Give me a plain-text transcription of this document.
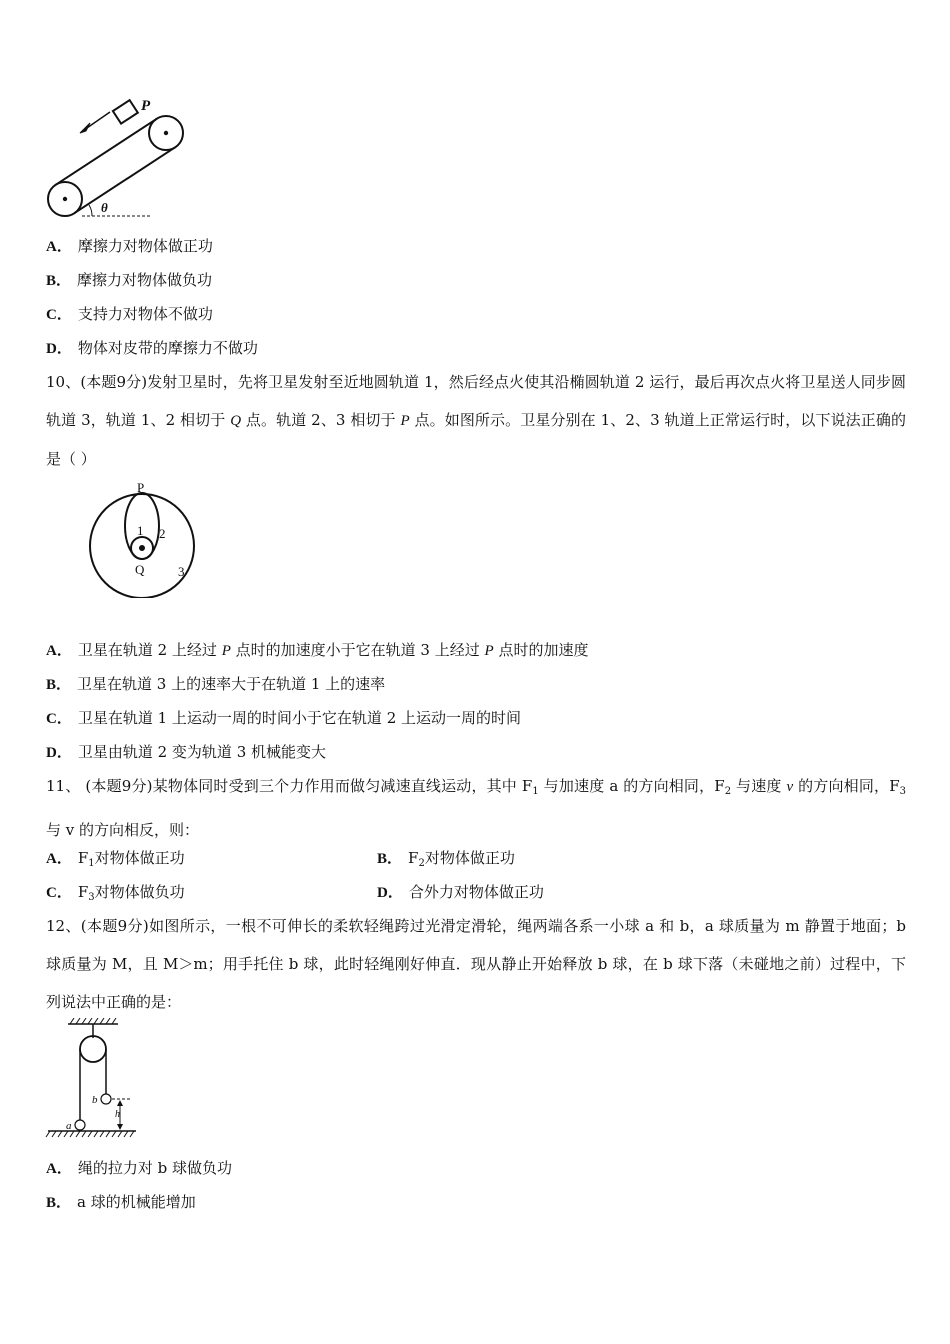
P
θ
A． 摩擦力对物体做正功
B． 摩擦力对物体做负功
C． 支持力对物体不做功
D． 物体对皮带的摩擦力不做功
10、(本题9分)发射卫星时，先将卫星发射至近地圆轨道 1，然后经点火使其沿椭圆轨道 2 运行，最后再次点火将卫星送人同步圆轨道 3，轨道 1、2 相切于 Q 点。轨道 2、3 相切于 P 点。如图所示。卫星分别在 1、2、3 轨道上正常运行时，以下说法正确的是（ ）
P
1 2
Q	3
A． 卫星在轨道 2 上经过 P 点时的加速度小于它在轨道 3 上经过 P 点时的加速度
B． 卫星在轨道 3 上的速率大于在轨道 1 上的速率
C． 卫星在轨道 1 上运动一周的时间小于它在轨道 2 上运动一周的时间
D． 卫星由轨道 2 变为轨道 3 机械能变大
11、 (本题9分)某物体同时受到三个力作用而做匀减速直线运动，其中 $F_1$ 与加速度 a 的方向相同，$F_2$ 与速度 v 的方向相同，$F_3$ 与 v 的方向相反，则：
A． $F_1$对物体做正功	B． $F_2$对物体做正功
C． $F_3$对物体做负功	D． 合外力对物体做正功
12、(本题9分)如图所示，一根不可伸长的柔软轻绳跨过光滑定滑轮，绳两端各系一小球 a 和 b，a 球质量为 m 静置于地面；b 球质量为 M，且 M＞m；用手托住 b 球，此时轻绳刚好伸直．现从静止开始释放 b 球，在 b 球下落（未碰地之前）过程中，下列说法中正确的是：
b
a
h
A． 绳的拉力对 b 球做负功
B． a 球的机械能增加
